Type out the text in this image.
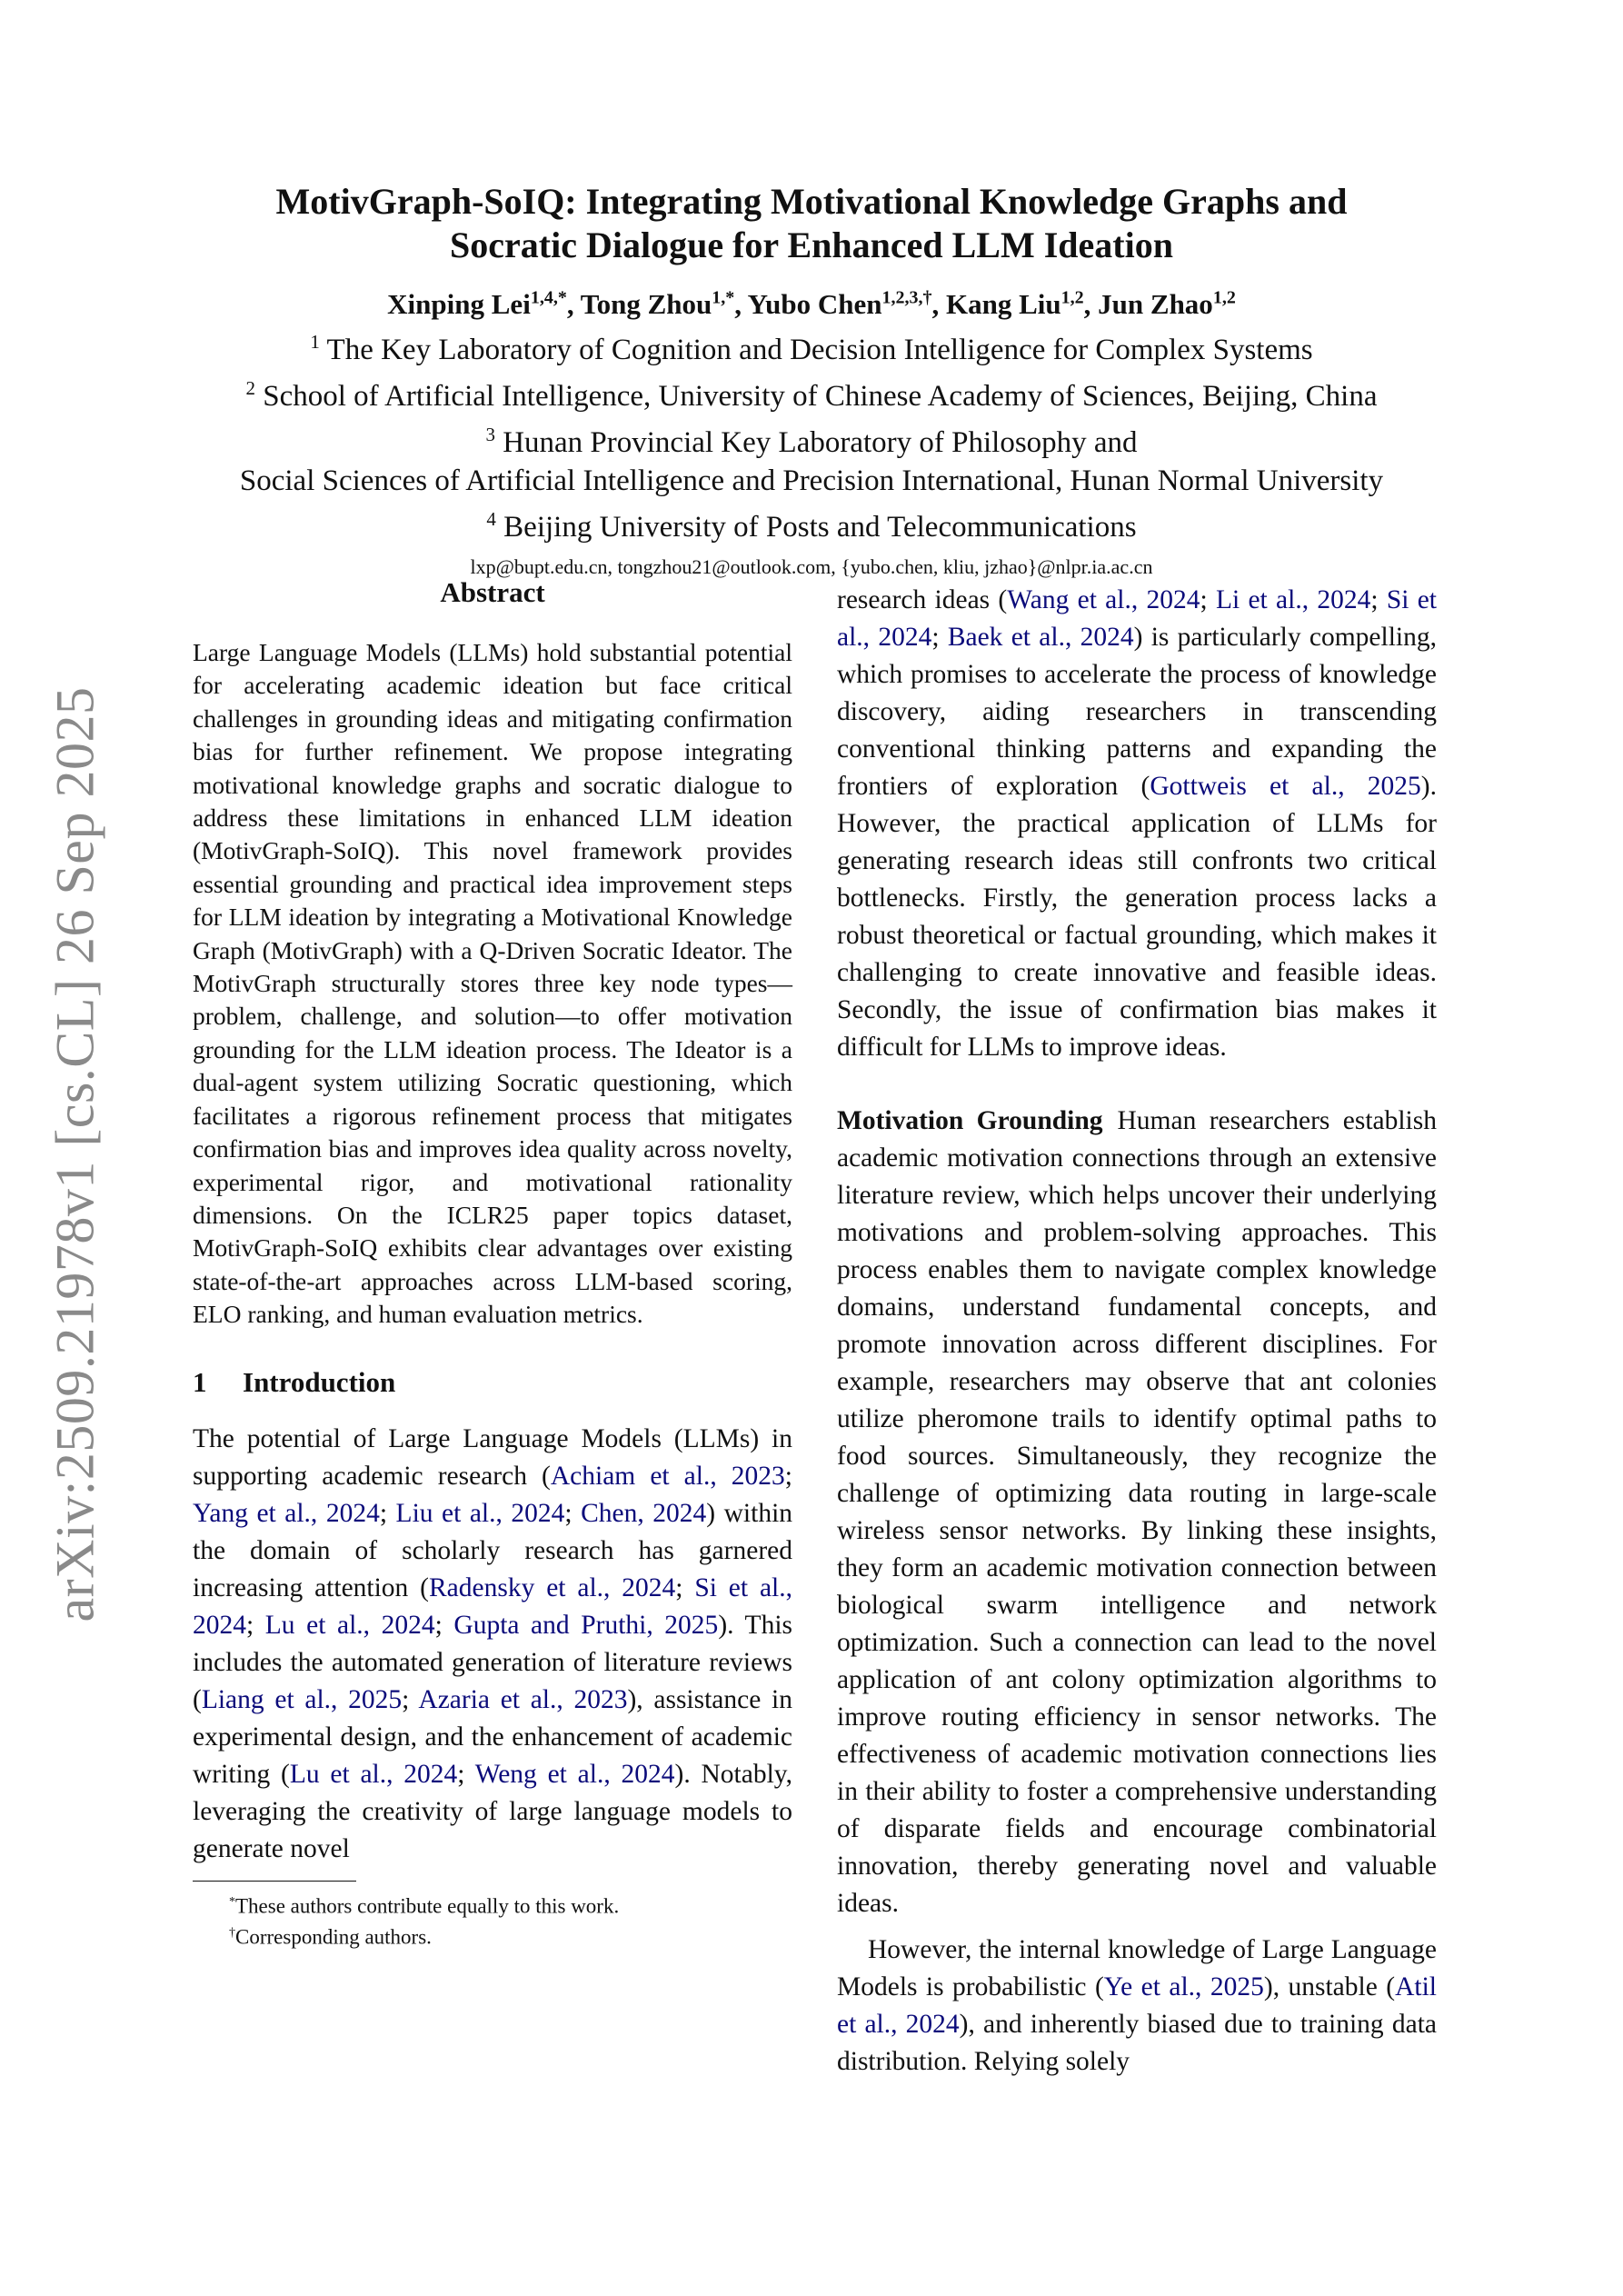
arXiv:2509.21978v1 [cs.CL] 26 Sep 2025
MotivGraph-SoIQ: Integrating Motivational Knowledge Graphs and
Socratic Dialogue for Enhanced LLM Ideation
Xinping Lei$^{1,4,*}$, Tong Zhou$^{1,*}$, Yubo Chen$^{1,2,3,\dagger}$, Kang Liu$^{1,2}$, Jun Zhao$^{1,2}$
$^1$ The Key Laboratory of Cognition and Decision Intelligence for Complex Systems
$^2$ School of Artificial Intelligence, University of Chinese Academy of Sciences, Beijing, China
$^3$ Hunan Provincial Key Laboratory of Philosophy and
Social Sciences of Artificial Intelligence and Precision International, Hunan Normal University
$^4$ Beijing University of Posts and Telecommunications
lxp@bupt.edu.cn, tongzhou21@outlook.com, {yubo.chen, kliu, jzhao}@nlpr.ia.ac.cn
Abstract

Large Language Models (LLMs) hold substantial potential for accelerating academic ideation but face critical challenges in grounding ideas and mitigating confirmation bias for further refinement. We propose integrating motivational knowledge graphs and socratic dialogue to address these limitations in enhanced LLM ideation (MotivGraph-SoIQ). This novel framework provides essential grounding and practical idea improvement steps for LLM ideation by integrating a Motivational Knowledge Graph (MotivGraph) with a Q-Driven Socratic Ideator. The MotivGraph structurally stores three key node types—problem, challenge, and solution—to offer motivation grounding for the LLM ideation process. The Ideator is a dual-agent system utilizing Socratic questioning, which facilitates a rigorous refinement process that mitigates confirmation bias and improves idea quality across novelty, experimental rigor, and motivational rationality dimensions. On the ICLR25 paper topics dataset, MotivGraph-SoIQ exhibits clear advantages over existing state-of-the-art approaches across LLM-based scoring, ELO ranking, and human evaluation metrics.

1 Introduction

The potential of Large Language Models (LLMs) in supporting academic research (Achiam et al., 2023; Yang et al., 2024; Liu et al., 2024; Chen, 2024) within the domain of scholarly research has garnered increasing attention (Radensky et al., 2024; Si et al., 2024; Lu et al., 2024; Gupta and Pruthi, 2025). This includes the automated generation of literature reviews (Liang et al., 2025; Azaria et al., 2023), assistance in experimental design, and the enhancement of academic writing (Lu et al., 2024; Weng et al., 2024). Notably, leveraging the creativity of large language models to generate novel

*These authors contribute equally to this work.
†Corresponding authors.

research ideas (Wang et al., 2024; Li et al., 2024; Si et al., 2024; Baek et al., 2024) is particularly compelling, which promises to accelerate the process of knowledge discovery, aiding researchers in transcending conventional thinking patterns and expanding the frontiers of exploration (Gottweis et al., 2025). However, the practical application of LLMs for generating research ideas still confronts two critical bottlenecks. Firstly, the generation process lacks a robust theoretical or factual grounding, which makes it challenging to create innovative and feasible ideas. Secondly, the issue of confirmation bias makes it difficult for LLMs to improve ideas.

Motivation Grounding Human researchers establish academic motivation connections through an extensive literature review, which helps uncover their underlying motivations and problem-solving approaches. This process enables them to navigate complex knowledge domains, understand fundamental concepts, and promote innovation across different disciplines. For example, researchers may observe that ant colonies utilize pheromone trails to identify optimal paths to food sources. Simultaneously, they recognize the challenge of optimizing data routing in large-scale wireless sensor networks. By linking these insights, they form an academic motivation connection between biological swarm intelligence and network optimization. Such a connection can lead to the novel application of ant colony optimization algorithms to improve routing efficiency in sensor networks. The effectiveness of academic motivation connections lies in their ability to foster a comprehensive understanding of disparate fields and encourage combinatorial innovation, thereby generating novel and valuable ideas.

However, the internal knowledge of Large Language Models is probabilistic (Ye et al., 2025), unstable (Atil et al., 2024), and inherently biased due to training data distribution. Relying solely
